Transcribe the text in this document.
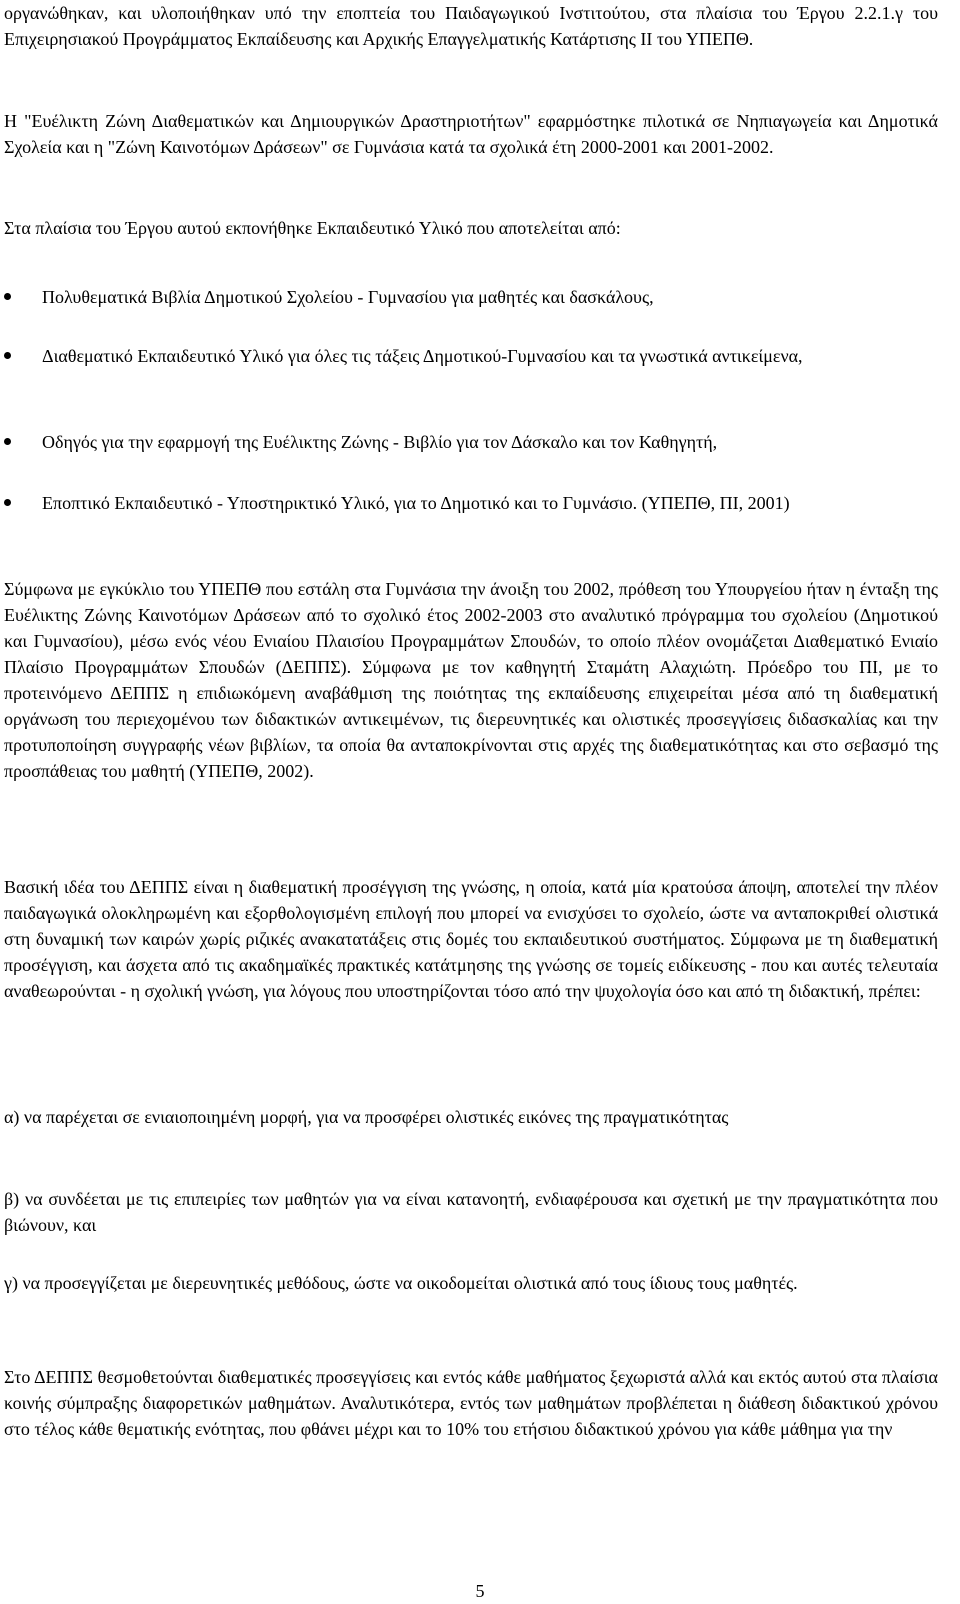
οργανώθηκαν, και υλοποιήθηκαν υπό την εποπτεία του Παιδαγωγικού Ινστιτούτου, στα πλαίσια του Έργου 2.2.1.γ του Επιχειρησιακού Προγράμματος Εκπαίδευσης και Αρχικής Επαγγελματικής Κατάρτισης ΙΙ του ΥΠΕΠΘ.

Η "Ευέλικτη Ζώνη Διαθεματικών και Δημιουργικών Δραστηριοτήτων" εφαρμόστηκε πιλοτικά σε Νηπιαγωγεία και Δημοτικά Σχολεία και η "Ζώνη Καινοτόμων Δράσεων" σε Γυμνάσια κατά τα σχολικά έτη 2000-2001 και 2001-2002.

Στα πλαίσια του Έργου αυτού εκπονήθηκε Εκπαιδευτικό Υλικό που αποτελείται από:

Πολυθεματικά Βιβλία Δημοτικού Σχολείου - Γυμνασίου για μαθητές και δασκάλους,
Διαθεματικό Εκπαιδευτικό Υλικό για όλες τις τάξεις Δημοτικού-Γυμνασίου και τα γνωστικά αντικείμενα,
Οδηγός για την εφαρμογή της Ευέλικτης Ζώνης - Βιβλίο για τον Δάσκαλο και τον Καθηγητή,
Εποπτικό Εκπαιδευτικό - Υποστηρικτικό Υλικό, για το Δημοτικό και το Γυμνάσιο. (ΥΠΕΠΘ, ΠΙ, 2001)

Σύμφωνα με εγκύκλιο του ΥΠΕΠΘ που εστάλη στα Γυμνάσια την άνοιξη του 2002, πρόθεση του Υπουργείου ήταν η ένταξη της Ευέλικτης Ζώνης Καινοτόμων Δράσεων από το σχολικό έτος 2002-2003 στο αναλυτικό πρόγραμμα του σχολείου (Δημοτικού και Γυμνασίου), μέσω ενός νέου Ενιαίου Πλαισίου Προγραμμάτων Σπουδών, το οποίο πλέον ονομάζεται Διαθεματικό Ενιαίο Πλαίσιο Προγραμμάτων Σπουδών (ΔΕΠΠΣ). Σύμφωνα με τον καθηγητή Σταμάτη Αλαχιώτη. Πρόεδρο του ΠΙ, με το προτεινόμενο ΔΕΠΠΣ η επιδιωκόμενη αναβάθμιση της ποιότητας της εκπαίδευσης επιχειρείται μέσα από τη διαθεματική οργάνωση του περιεχομένου των διδακτικών αντικειμένων, τις διερευνητικές και ολιστικές προσεγγίσεις διδασκαλίας και την προτυποποίηση συγγραφής νέων βιβλίων, τα οποία θα ανταποκρίνονται στις αρχές της διαθεματικότητας και στο σεβασμό της προσπάθειας του μαθητή (ΥΠΕΠΘ, 2002).

Βασική ιδέα του ΔΕΠΠΣ είναι η διαθεματική προσέγγιση της γνώσης, η οποία, κατά μία κρατούσα άποψη, αποτελεί την πλέον παιδαγωγικά ολοκληρωμένη και εξορθολογισμένη επιλογή που μπορεί να ενισχύσει το σχολείο, ώστε να ανταποκριθεί ολιστικά στη δυναμική των καιρών χωρίς ριζικές ανακατατάξεις στις δομές του εκπαιδευτικού συστήματος. Σύμφωνα με τη διαθεματική προσέγγιση, και άσχετα από τις ακαδημαϊκές πρακτικές κατάτμησης της γνώσης σε τομείς ειδίκευσης - που και αυτές τελευταία αναθεωρούνται - η σχολική γνώση, για λόγους που υποστηρίζονται τόσο από την ψυχολογία όσο και από τη διδακτική, πρέπει:

α) να παρέχεται σε ενιαιοποιημένη μορφή, για να προσφέρει ολιστικές εικόνες της πραγματικότητας

β) να συνδέεται με τις επιπειρίες των μαθητών για να είναι κατανοητή, ενδιαφέρουσα και σχετική με την πραγματικότητα που βιώνουν, και

γ) να προσεγγίζεται με διερευνητικές μεθόδους, ώστε να οικοδομείται ολιστικά από τους ίδιους τους μαθητές.

Στο ΔΕΠΠΣ θεσμοθετούνται διαθεματικές προσεγγίσεις και εντός κάθε μαθήματος ξεχωριστά αλλά και εκτός αυτού στα πλαίσια κοινής σύμπραξης διαφορετικών μαθημάτων. Αναλυτικότερα, εντός των μαθημάτων προβλέπεται η διάθεση διδακτικού χρόνου στο τέλος κάθε θεματικής ενότητας, που φθάνει μέχρι και το 10% του ετήσιου διδακτικού χρόνου για κάθε μάθημα για την

5
